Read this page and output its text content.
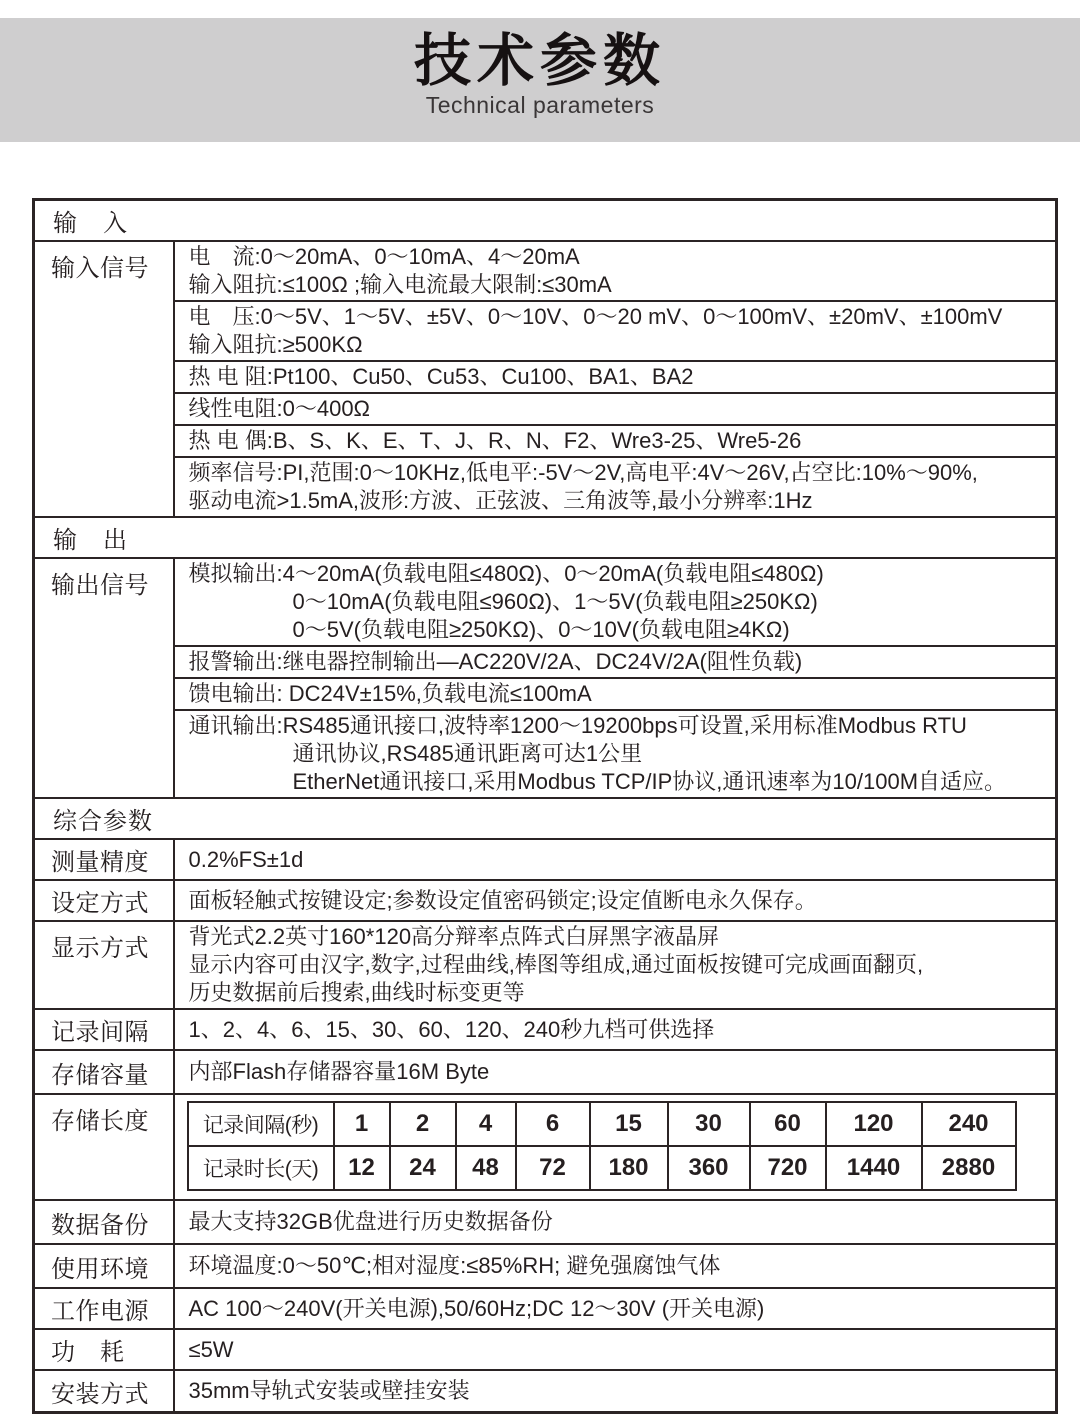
技术参数
Technical parameters
输　入
输入信号	电　流:0～20mA、0～10mA、4～20mA
输入阻抗:≤100Ω ;输入电流最大限制:≤30mA
电　压:0～5V、1～5V、±5V、0～10V、0～20 mV、0～100mV、±20mV、±100mV
输入阻抗:≥500KΩ
热 电 阻:Pt100、Cu50、Cu53、Cu100、BA1、BA2
线性电阻:0～400Ω
热 电 偶:B、S、K、E、T、J、R、N、F2、Wre3-25、Wre5-26
频率信号:PI,范围:0～10KHz,低电平:-5V～2V,高电平:4V～26V,占空比:10%～90%,
驱动电流>1.5mA,波形:方波、正弦波、三角波等,最小分辨率:1Hz

输　出
输出信号	模拟输出:4～20mA(负载电阻≤480Ω)、0～20mA(负载电阻≤480Ω)
0～10mA(负载电阻≤960Ω)、1～5V(负载电阻≥250KΩ)
0～5V(负载电阻≥250KΩ)、0～10V(负载电阻≥4KΩ)
报警输出:继电器控制输出—AC220V/2A、DC24V/2A(阻性负载)
馈电输出: DC24V±15%,负载电流≤100mA
通讯输出:RS485通讯接口,波特率1200～19200bps可设置,采用标准Modbus RTU
通讯协议,RS485通讯距离可达1公里
EtherNet通讯接口,采用Modbus TCP/IP协议,通讯速率为10/100M自适应。

综合参数
测量精度	0.2%FS±1d

设定方式	面板轻触式按键设定;参数设定值密码锁定;设定值断电永久保存。

显示方式	背光式2.2英寸160*120高分辩率点阵式白屏黑字液晶屏
显示内容可由汉字,数字,过程曲线,棒图等组成,通过面板按键可完成画面翻页,
历史数据前后搜索,曲线时标变更等

记录间隔	1、2、4、6、15、30、60、120、240秒九档可供选择

存储容量	内部Flash存储器容量16M Byte

存储长度		记录间隔(秒)	1	2	4	6	15	30	60	120	240
记录时长(天)	12	24	48	72	180	360	720	1440	2880

数据备份	最大支持32GB优盘进行历史数据备份

使用环境	环境温度:0～50℃;相对湿度:≤85%RH; 避免强腐蚀气体

工作电源	AC 100～240V(开关电源),50/60Hz;DC 12～30V (开关电源)

功　耗	≤5W

安装方式	35mm导轨式安装或壁挂安装
